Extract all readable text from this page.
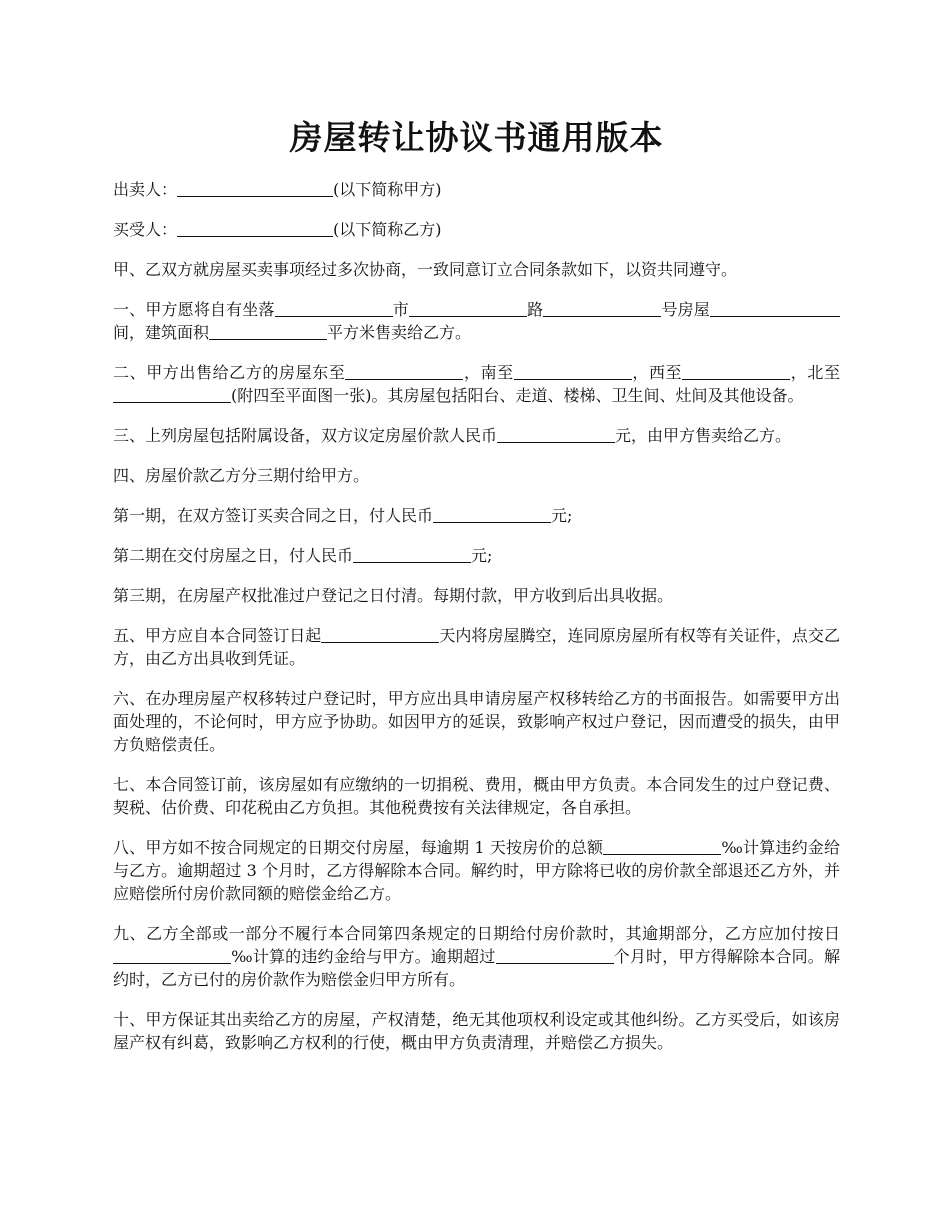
房屋转让协议书通用版本

出卖人：	(以下简称甲方)

买受人：	(以下简称乙方)

甲、乙双方就房屋买卖事项经过多次协商，一致同意订立合同条款如下，以资共同遵守。

一、甲方愿将自有坐落	市	路	号房屋间，建筑面积	平方米售卖给乙方。

二、甲方出售给乙方的房屋东至	，南至	，西至	，北至(附四至平面图一张)。其房屋包括阳台、走道、楼梯、卫生间、灶间及其他设备。

三、上列房屋包括附属设备，双方议定房屋价款人民币	元，由甲方售卖给乙方。

四、房屋价款乙方分三期付给甲方。

第一期，在双方签订买卖合同之日，付人民币	元;

第二期在交付房屋之日，付人民币	元;

第三期，在房屋产权批准过户登记之日付清。每期付款，甲方收到后出具收据。

五、甲方应自本合同签订日起	天内将房屋腾空，连同原房屋所有权等有关证件，点交乙方，由乙方出具收到凭证。

六、在办理房屋产权移转过户登记时，甲方应出具申请房屋产权移转给乙方的书面报告。如需要甲方出面处理的，不论何时，甲方应予协助。如因甲方的延误，致影响产权过户登记，因而遭受的损失，由甲方负赔偿责任。

七、本合同签订前，该房屋如有应缴纳的一切捐税、费用，概由甲方负责。本合同发生的过户登记费、契税、估价费、印花税由乙方负担。其他税费按有关法律规定，各自承担。

八、甲方如不按合同规定的日期交付房屋，每逾期 1 天按房价的总额	‰计算违约金给与乙方。逾期超过 3 个月时，乙方得解除本合同。解约时，甲方除将已收的房价款全部退还乙方外，并应赔偿所付房价款同额的赔偿金给乙方。

九、乙方全部或一部分不履行本合同第四条规定的日期给付房价款时，其逾期部分，乙方应加付按日‰计算的违约金给与甲方。逾期超过	个月时，甲方得解除本合同。解约时，乙方已付的房价款作为赔偿金归甲方所有。

十、甲方保证其出卖给乙方的房屋，产权清楚，绝无其他项权利设定或其他纠纷。乙方买受后，如该房屋产权有纠葛，致影响乙方权利的行使，概由甲方负责清理，并赔偿乙方损失。
